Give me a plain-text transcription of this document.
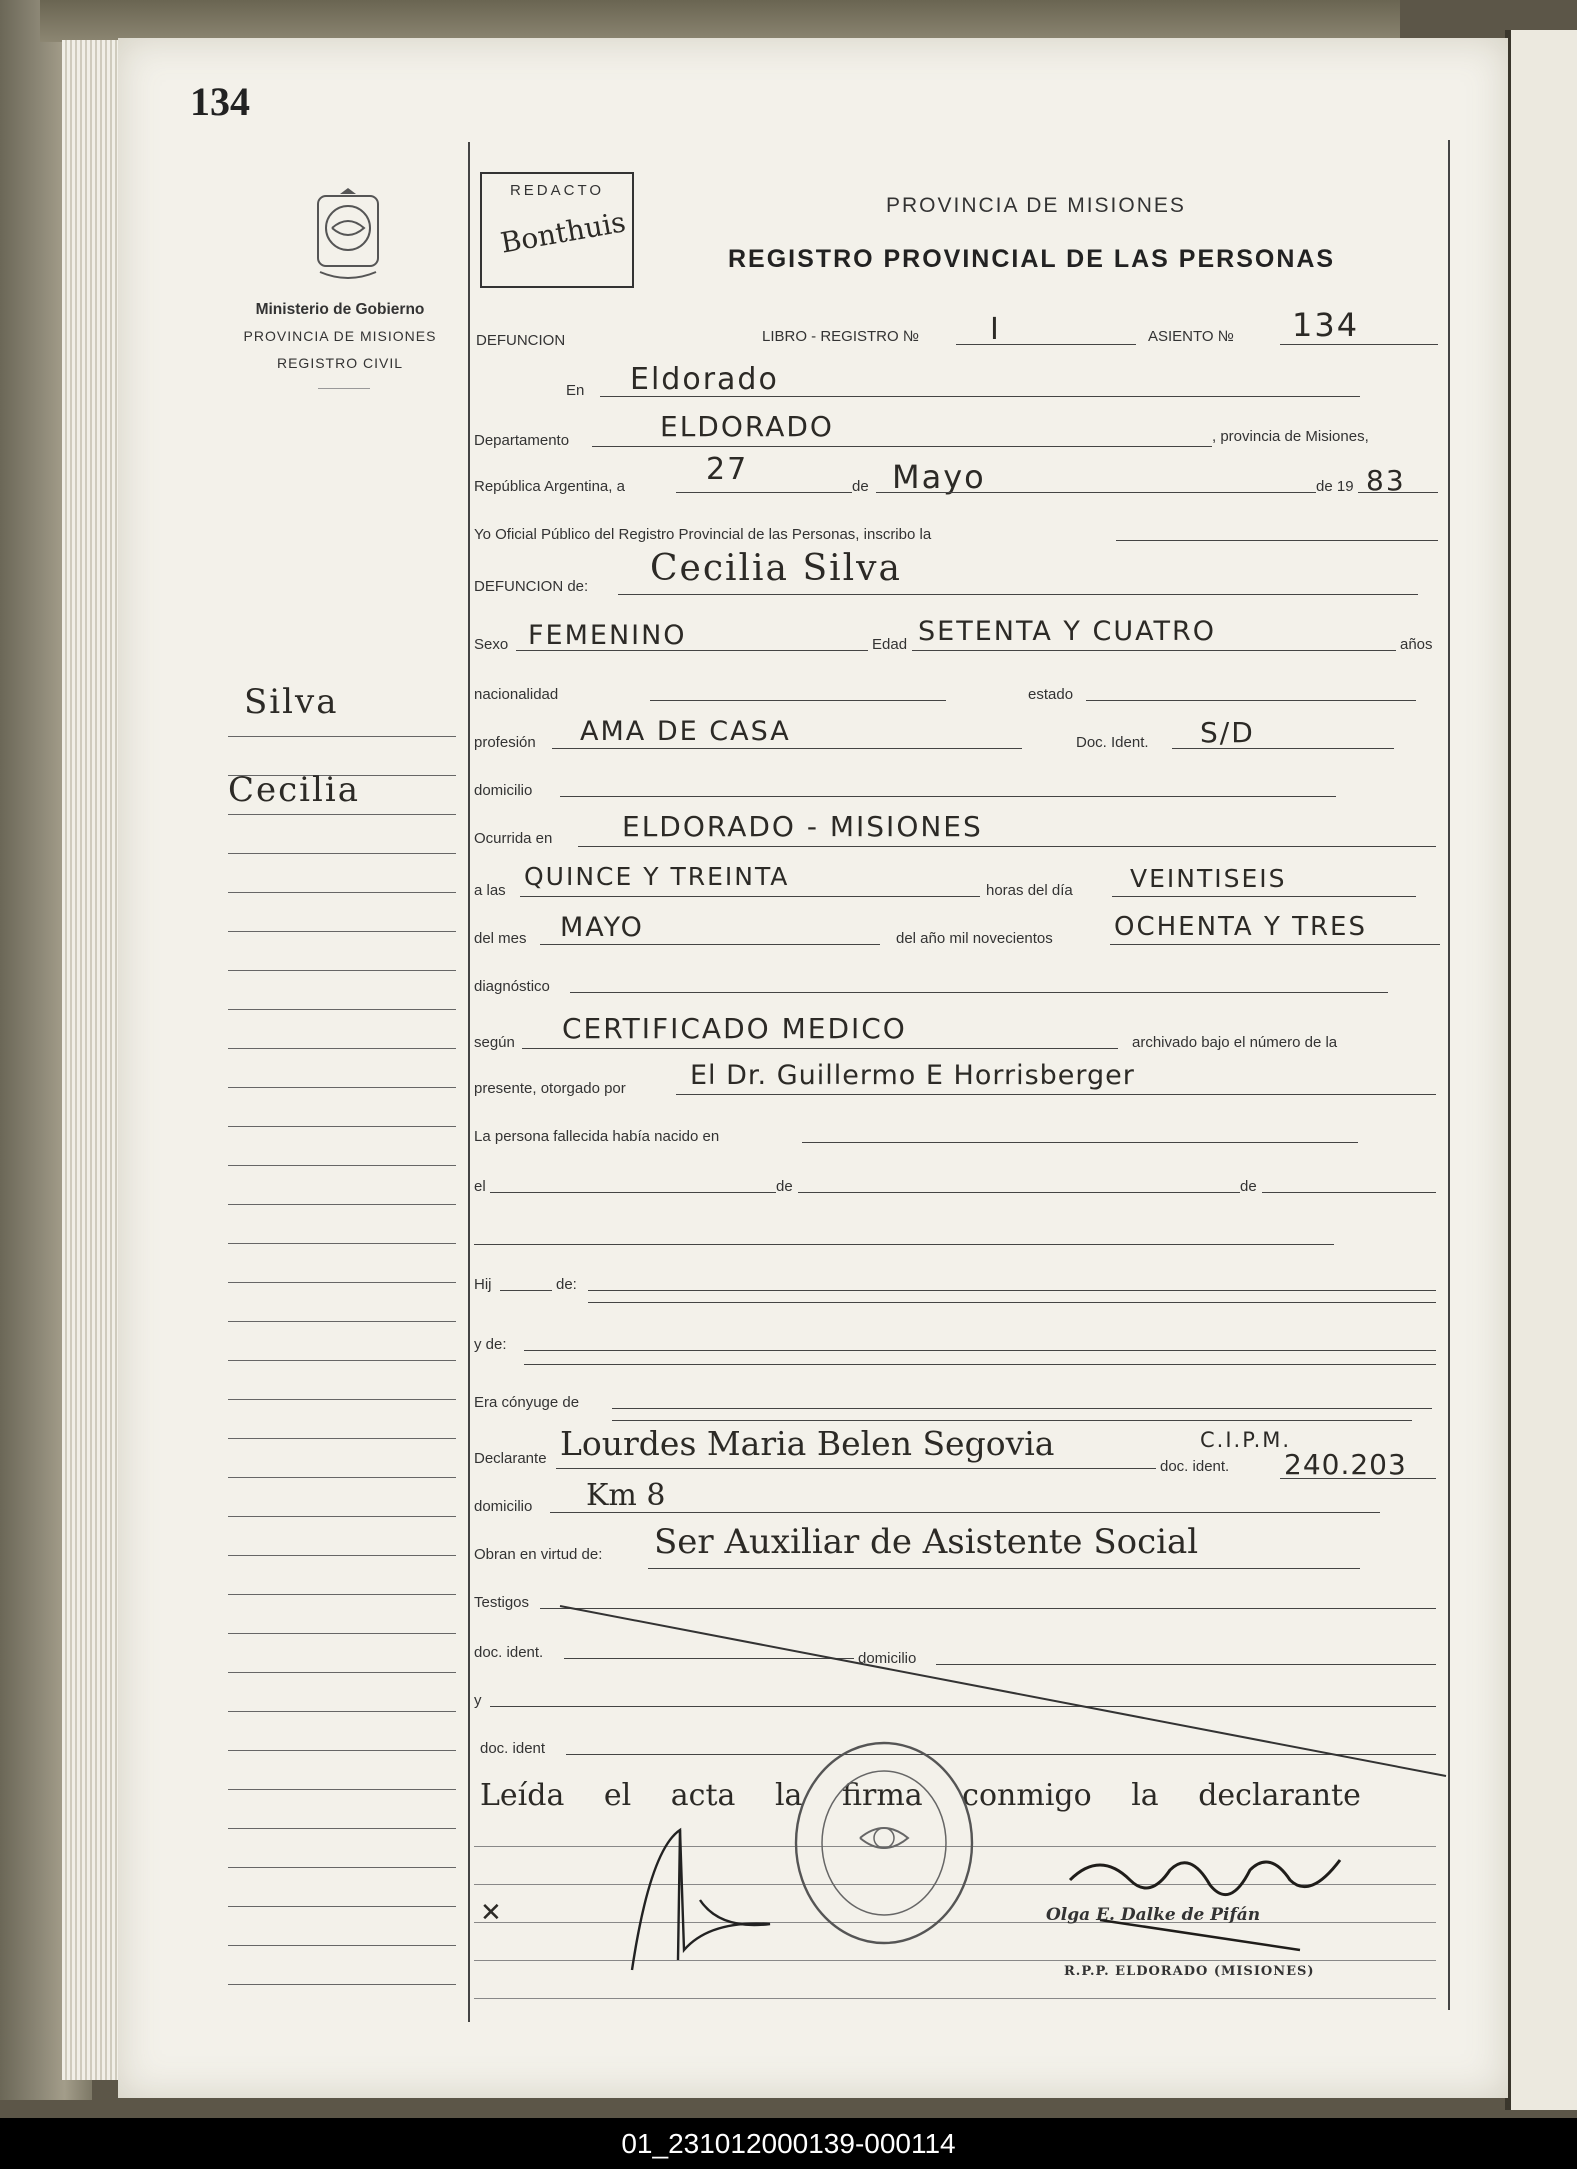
134
Ministerio de Gobierno
PROVINCIA DE MISIONES
REGISTRO CIVIL
Silva
Cecilia
REDACTO
Bonthuis	PROVINCIA DE MISIONES
REGISTRO PROVINCIAL DE LAS PERSONAS
DEFUNCION	LIBRO - REGISTRO № I	ASIENTO № 134
En Eldorado
Departamento	ELDORADO	, provincia de Misiones,
República Argentina, a	27	de Mayo	de 19 83
Yo Oficial Público del Registro Provincial de las Personas, inscribo la
DEFUNCION de: Cecilia Silva
Sexo FEMENINO	Edad SETENTA Y CUATRO	años
nacionalidad	estado
profesión AMA DE CASA	Doc. Ident. S/D
domicilio
Ocurrida en ELDORADO - MISIONES
a las QUINCE Y TREINTA	horas del día VEINTISEIS
del mes MAYO	del año mil novecientos OCHENTA Y TRES
diagnóstico
según CERTIFICADO MEDICO	archivado bajo el número de la
presente, otorgado por El Dr. Guillermo E Horrisberger
La persona fallecida había nacido en
el	de	de
Hij	de:
y de:
Era cónyuge de
Declarante Lourdes Maria Belen Segovia
doc. ident.
C.I.P.M.
240.203
domicilio Km 8
Obran en virtud de: Ser Auxiliar de Asistente Social
Testigos
doc. ident.	domicilio
y
doc. ident
Leída el acta la firma conmigo la declarante
✕	Olga E. Dalke de Pifán
R.P.P. ELDORADO (MISIONES)
01_231012000139-000114
